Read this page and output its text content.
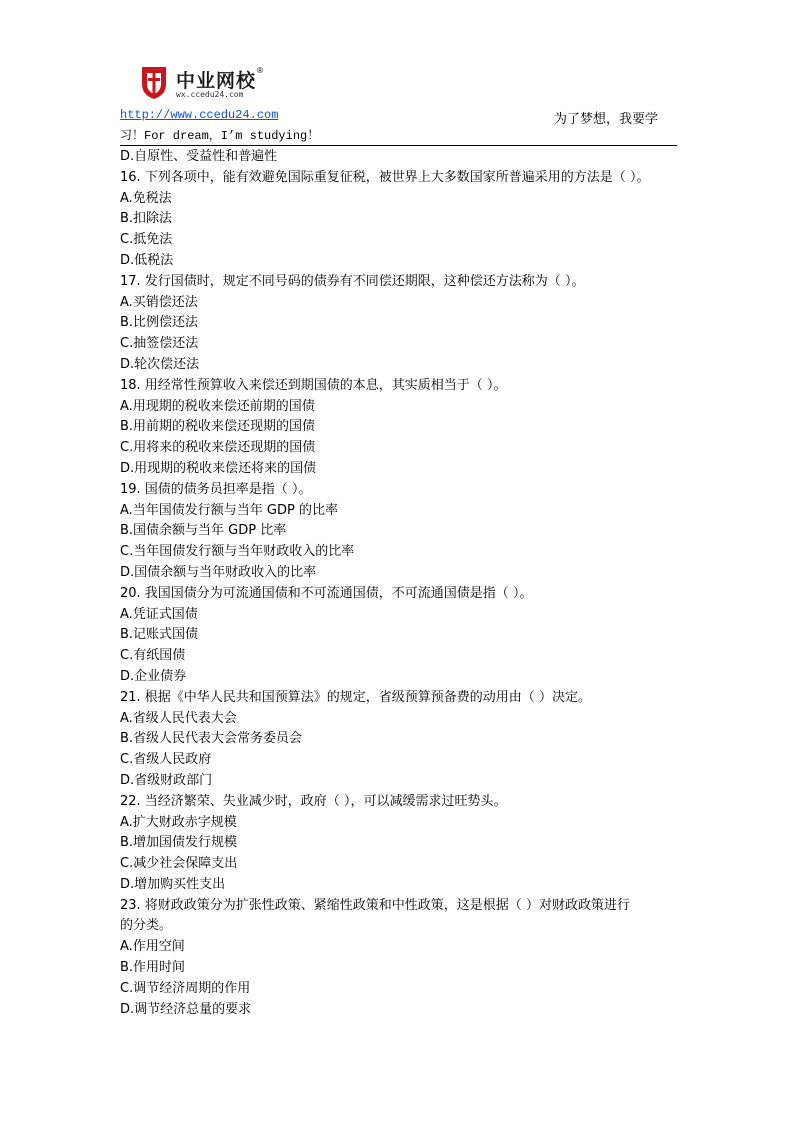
中业网校®
wx.ccedu24.com
http://www.ccedu24.com	为了梦想，我要学
习！For dream，I’m studying！
D.自原性、受益性和普遍性
16. 下列各项中，能有效避免国际重复征税，被世界上大多数国家所普遍采用的方法是（ ）。
A.免税法
B.扣除法
C.抵免法
D.低税法
17. 发行国债时，规定不同号码的债券有不同偿还期限，这种偿还方法称为（ ）。
A.买销偿还法
B.比例偿还法
C.抽签偿还法
D.轮次偿还法
18. 用经常性预算收入来偿还到期国债的本息，其实质相当于（ ）。
A.用现期的税收来偿还前期的国债
B.用前期的税收来偿还现期的国债
C.用将来的税收来偿还现期的国债
D.用现期的税收来偿还将来的国债
19. 国债的债务员担率是指（ ）。
A.当年国债发行额与当年 GDP 的比率
B.国债余额与当年 GDP 比率
C.当年国债发行额与当年财政收入的比率
D.国债余额与当年财政收入的比率
20. 我国国债分为可流通国债和不可流通国债，不可流通国债是指（ ）。
A.凭证式国债
B.记账式国债
C.有纸国债
D.企业债券
21. 根据《中华人民共和国预算法》的规定，省级预算预备费的动用由（ ）决定。
A.省级人民代表大会
B.省级人民代表大会常务委员会
C.省级人民政府
D.省级财政部门
22. 当经济繁荣、失业减少时，政府（ ），可以减缓需求过旺势头。
A.扩大财政赤字规模
B.增加国债发行规模
C.减少社会保障支出
D.增加购买性支出
23. 将财政政策分为扩张性政策、紧缩性政策和中性政策，这是根据（ ）对财政政策进行
的分类。
A.作用空间
B.作用时间
C.调节经济周期的作用
D.调节经济总量的要求
